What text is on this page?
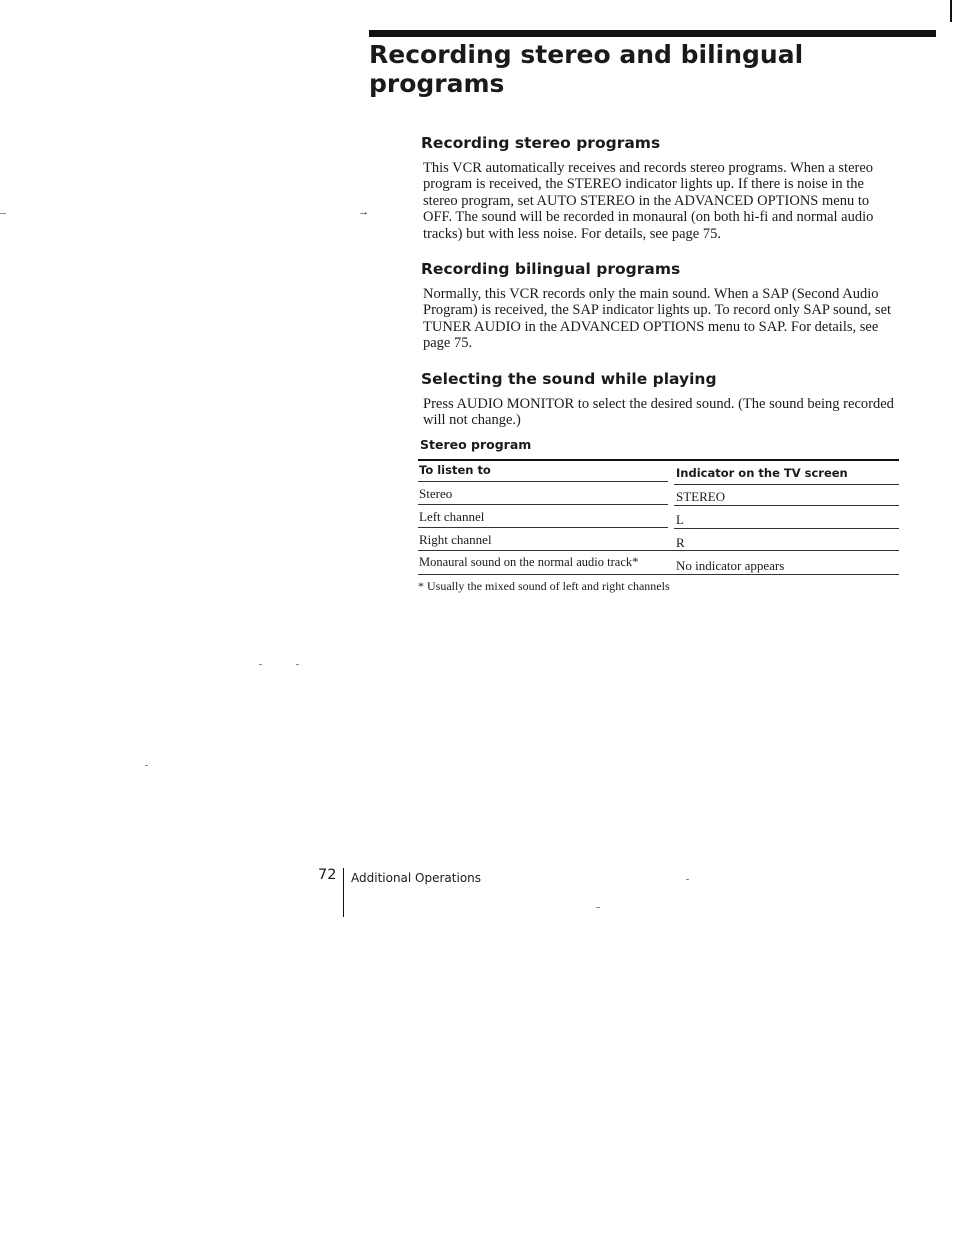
Recording stereo and bilingual programs
Recording stereo programs

This VCR automatically receives and records stereo programs. When a stereo program is received, the STEREO indicator lights up. If there is noise in the stereo program, set AUTO STEREO in the ADVANCED OPTIONS menu to OFF. The sound will be recorded in monaural (on both hi-fi and normal audio tracks) but with less noise. For details, see page 75.

→
Recording bilingual programs

Normally, this VCR records only the main sound. When a SAP (Second Audio Program) is received, the SAP indicator lights up. To record only SAP sound, set TUNER AUDIO in the ADVANCED OPTIONS menu to SAP. For details, see page 75.

Selecting the sound while playing

Press AUDIO MONITOR to select the desired sound. (The sound being recorded will not change.)

Stereo program
To listen to	Indicator on the TV screen
Stereo	STEREO
Left channel	L
Right channel	R
Monaural sound on the normal audio track*	No indicator appears

* Usually the mixed sound of left and right channels

72 Additional Operations
